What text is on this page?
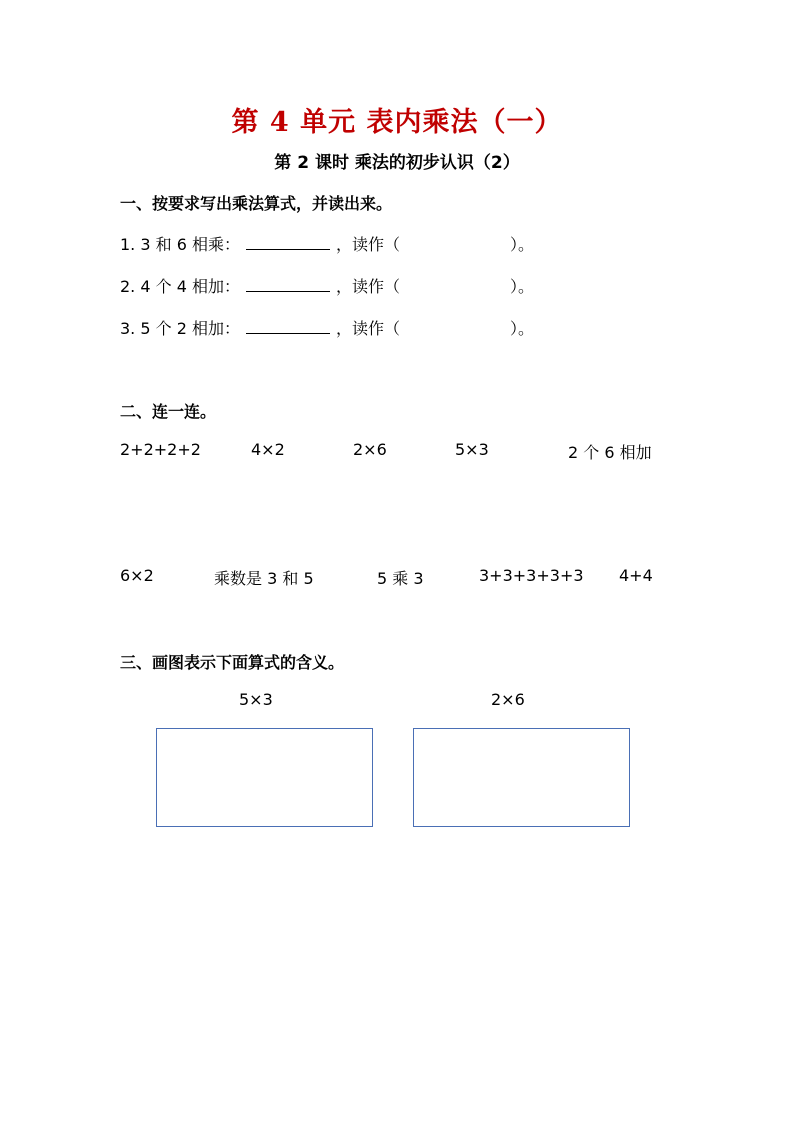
第 4 单元 表内乘法（一）
第 2 课时 乘法的初步认识（2）
一、按要求写出乘法算式，并读出来。
1. 3 和 6 相乘：	，读作（	）。
2. 4 个 4 相加：	，读作（	）。
3. 5 个 2 相加：	，读作（	）。
二、连一连。
2+2+2+2	4×2	2×6	5×3	2 个 6 相加
6×2	乘数是 3 和 5	5 乘 3	3+3+3+3+3 4+4
三、画图表示下面算式的含义。
5×3	2×6
